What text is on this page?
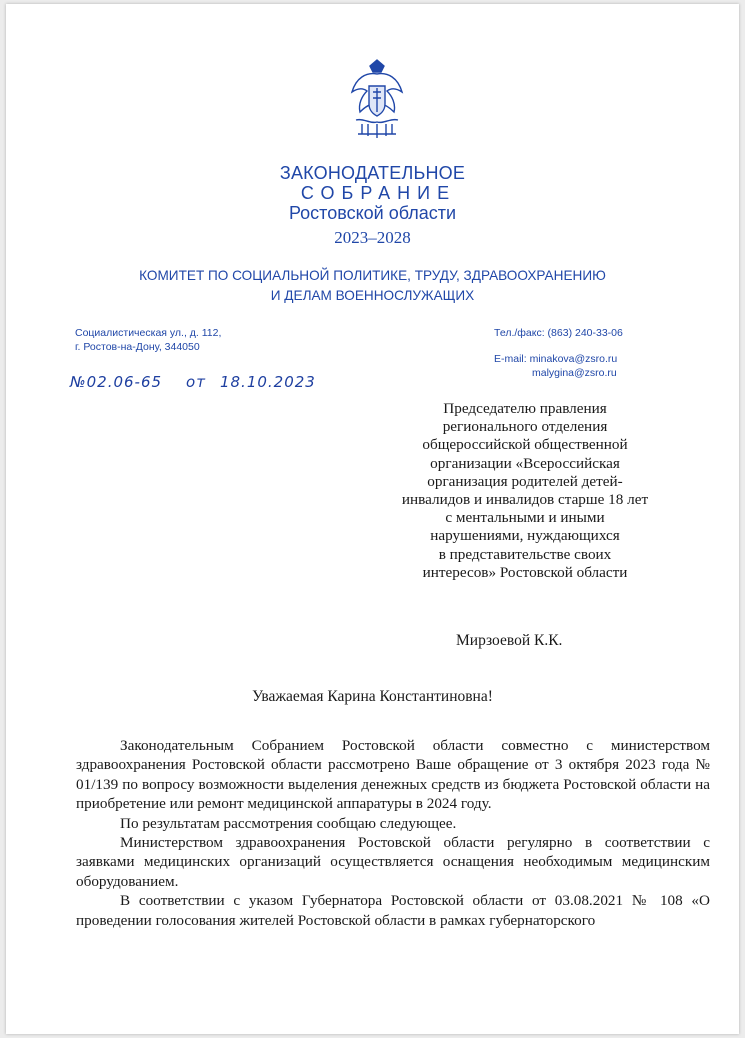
ЗАКОНОДАТЕЛЬНОЕ
СОБРАНИЕ
Ростовской области
2023–2028
КОМИТЕТ ПО СОЦИАЛЬНОЙ ПОЛИТИКЕ, ТРУДУ, ЗДРАВООХРАНЕНИЮ
И ДЕЛАМ ВОЕННОСЛУЖАЩИХ
Социалистическая ул., д. 112,
г. Ростов-на-Дону, 344050
Тел./факс: (863) 240-33-06
E-mail: minakova@zsro.ru
malygina@zsro.ru
№02.06-65 от 18.10.2023
Председателю правления
регионального отделения
общероссийской общественной
организации «Всероссийская
организация родителей детей-
инвалидов и инвалидов старше 18 лет
с ментальными и иными
нарушениями, нуждающихся
в представительстве своих
интересов» Ростовской области
Мирзоевой К.К.
Уважаемая Карина Константиновна!
Законодательным Собранием Ростовской области совместно с министерством здравоохранения Ростовской области рассмотрено Ваше обращение от 3 октября 2023 года № 01/139 по вопросу возможности выделения денежных средств из бюджета Ростовской области на приобретение или ремонт медицинской аппаратуры в 2024 году.
По результатам рассмотрения сообщаю следующее.
Министерством здравоохранения Ростовской области регулярно в соответствии с заявками медицинских организаций осуществляется оснащения необходимым медицинским оборудованием.
В соответствии с указом Губернатора Ростовской области от 03.08.2021 № 108 «О проведении голосования жителей Ростовской области в рамках губернаторского
